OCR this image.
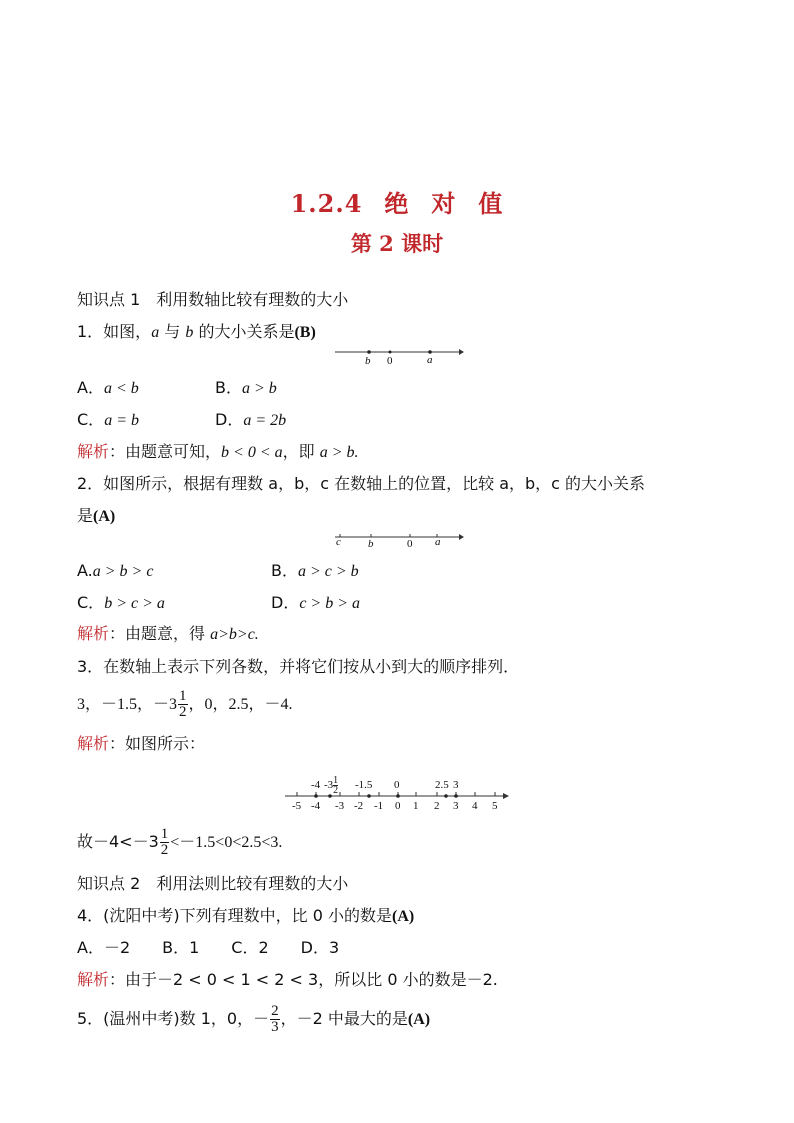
1.2.4 绝 对 值
第 2 课时
知识点 1　利用数轴比较有理数的大小
1．如图，a 与 b 的大小关系是(B)
b 0	a
A．a < b	B．a > b
C．a = b	D．a = 2b
解析：由题意可知，b < 0 < a，即 a > b.
2．如图所示，根据有理数 a，b，c 在数轴上的位置，比较 a，b，c 的大小关系
是(A)
c b	0 a
A.a > b > c	B．a > c > b
C．b > c > a	D．c > b > a
解析：由题意，得 a>b>c.
3．在数轴上表示下列各数，并将它们按从小到大的顺序排列．
3，－1.5，$-3 \frac{1}{2}$ ，0，2.5，－4.
解析：如图所示：
-4 $-3 \frac{1}{2} -1.5$ 0	2.5 3
-5 -4 -3 -2 -1 0 1 2 3 4 5
故$-4<-3 \frac{1}{2} <-1.5<0<2.5<3$.
知识点 2　利用法则比较有理数的大小
4．(沈阳中考)下列有理数中，比 0 小的数是(A)
A．－2　　B．1　　C．2　　D．3
解析：由于－2 < 0 < 1 < 2 < 3，所以比 0 小的数是－2.
5．(温州中考)数 1，0，－ $\frac{2}{3}$ ，－2 中最大的是(A)
